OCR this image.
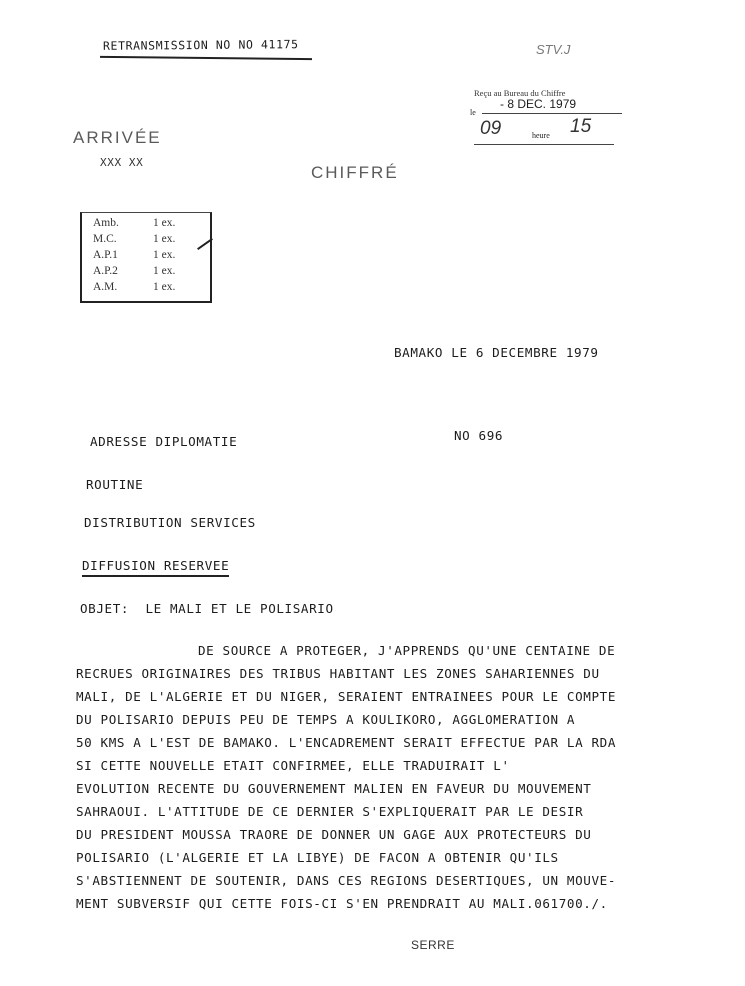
RETRANSMISSION NO NO 41175	STV.J

Reçu au Bureau du Chiffre

le

- 8 DEC. 1979

09

	heure

15

ARRIVÉE
XXX XX
CHIFFRÉ

Amb.	1 ex.

M.C.	1 ex.

A.P.1	1 ex.

A.P.2	1 ex.

A.M.	1 ex.

BAMAKO LE 6 DECEMBRE 1979
NO 696
ADRESSE DIPLOMATIE
ROUTINE
DISTRIBUTION SERVICES
DIFFUSION RESERVEE
OBJET:  LE MALI ET LE POLISARIO
DE SOURCE A PROTEGER, J'APPRENDS QU'UNE CENTAINE DE
RECRUES ORIGINAIRES DES TRIBUS HABITANT LES ZONES SAHARIENNES DU
MALI, DE L'ALGERIE ET DU NIGER, SERAIENT ENTRAINEES POUR LE COMPTE
DU POLISARIO DEPUIS PEU DE TEMPS A KOULIKORO, AGGLOMERATION A
50 KMS A L'EST DE BAMAKO. L'ENCADREMENT SERAIT EFFECTUE PAR LA RDA
SI CETTE NOUVELLE ETAIT CONFIRMEE, ELLE TRADUIRAIT L'
EVOLUTION RECENTE DU GOUVERNEMENT MALIEN EN FAVEUR DU MOUVEMENT
SAHRAOUI. L'ATTITUDE DE CE DERNIER S'EXPLIQUERAIT PAR LE DESIR
DU PRESIDENT MOUSSA TRAORE DE DONNER UN GAGE AUX PROTECTEURS DU
POLISARIO (L'ALGERIE ET LA LIBYE) DE FACON A OBTENIR QU'ILS
S'ABSTIENNENT DE SOUTENIR, DANS CES REGIONS DESERTIQUES, UN MOUVE-
MENT SUBVERSIF QUI CETTE FOIS-CI S'EN PRENDRAIT AU MALI.061700./.
SERRE
